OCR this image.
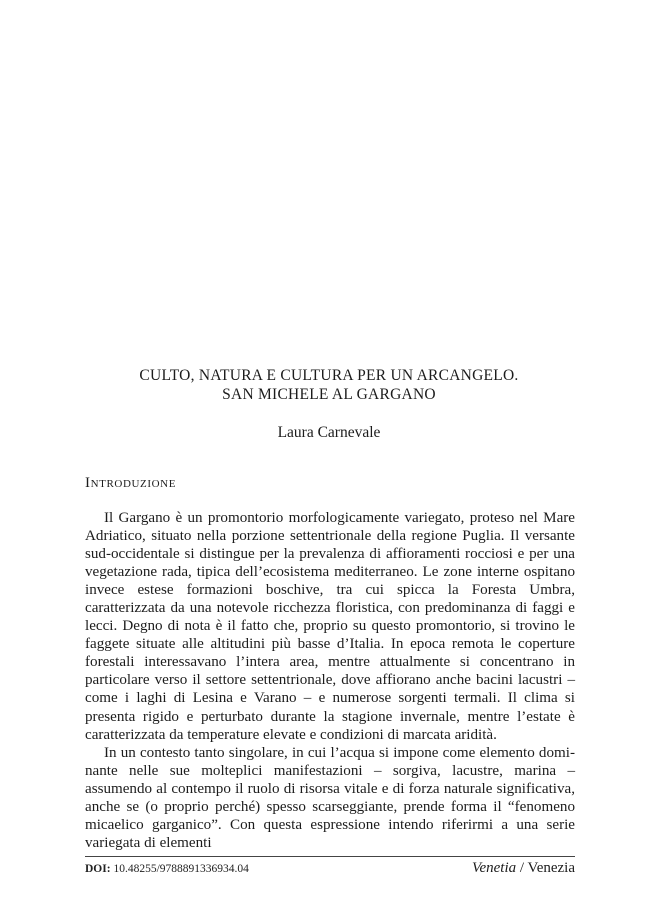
CULTO, NATURA E CULTURA PER UN ARCANGELO.
SAN MICHELE AL GARGANO
Laura Carnevale
Introduzione

Il Gargano è un promontorio morfologicamente variegato, proteso nel Mare Adriatico, situato nella porzione settentrionale della regione Puglia. Il versante sud-occidentale si distingue per la prevalenza di affioramenti rocciosi e per una vegetazione rada, tipica dell’ecosistema mediterraneo. Le zone interne ospitano invece estese formazioni boschive, tra cui spicca la Foresta Umbra, caratterizzata da una notevole ricchezza floristica, con predominanza di faggi e lecci. Degno di nota è il fatto che, proprio su questo promontorio, si trovino le faggete situate alle altitudini più basse d’Italia. In epoca remota le coperture forestali interessavano l’intera area, mentre attualmente si concentrano in particolare verso il settore settentrionale, dove affiorano anche bacini lacustri – come i laghi di Lesina e Varano – e numerose sorgenti termali. Il clima si presenta rigido e perturbato durante la stagione invernale, mentre l’estate è caratterizzata da temperature elevate e condizioni di marcata aridità.

In un contesto tanto singolare, in cui l’acqua si impone come elemento dominante nelle sue molteplici manifestazioni – sorgiva, lacustre, marina – assumendo al contempo il ruolo di risorsa vitale e di forza naturale significativa, anche se (o proprio perché) spesso scarseggiante, prende forma il “fenomeno micaelico garganico”. Con questa espressione intendo riferirmi a una serie variegata di elementi

DOI: 10.48255/9788891336934.04	Venetia / Venezia
